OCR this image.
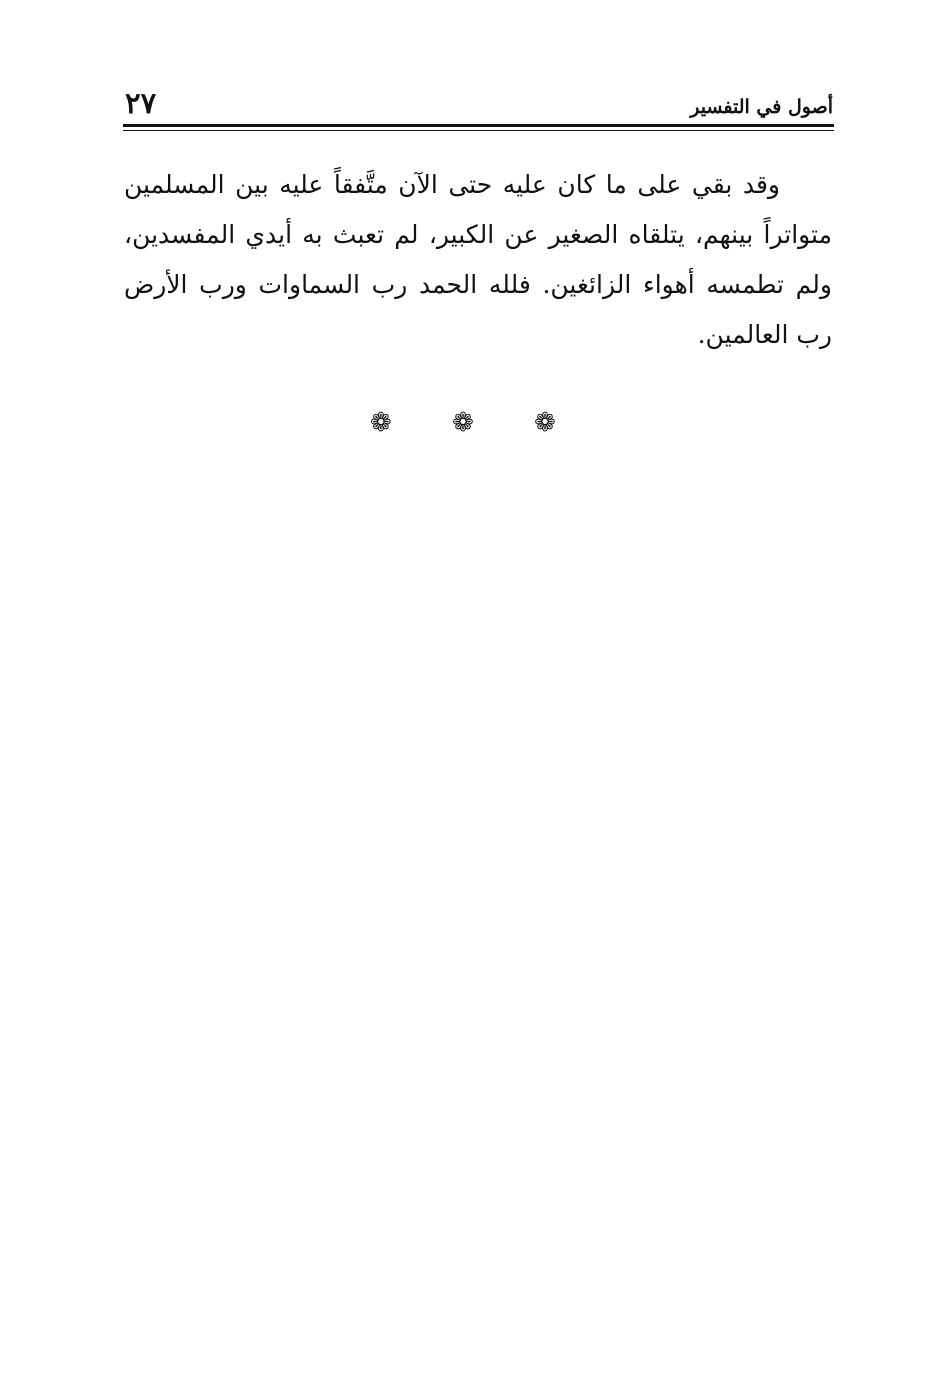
أصول في التفسير
٢٧

وقد بقي على ما كان عليه حتى الآن متَّفقاً عليه بين المسلمين متواتراً بينهم، يتلقاه الصغير عن الكبير، لم تعبث به أيدي المفسدين، ولم تطمسه أهواء الزائغين. فلله الحمد رب السماوات ورب الأرض رب العالمين.

❁ ❁ ❁
